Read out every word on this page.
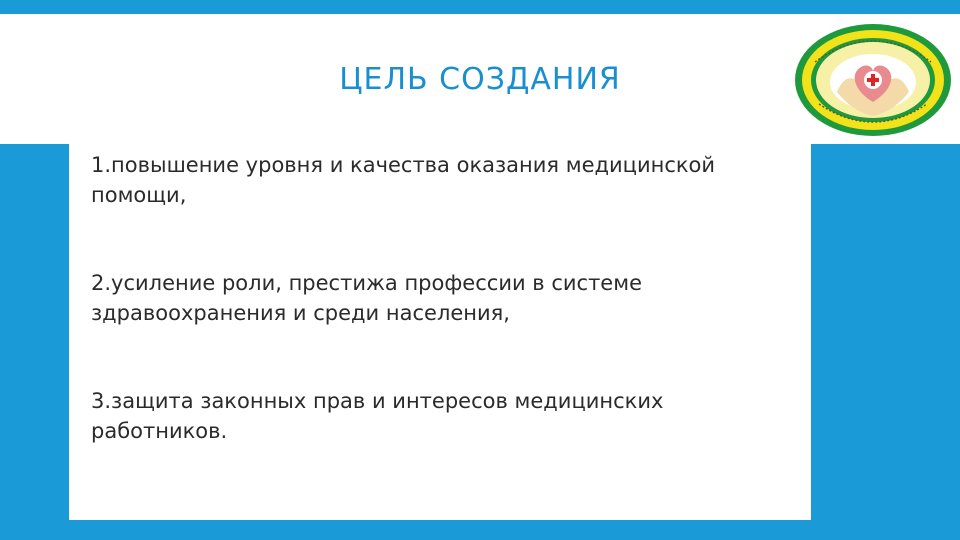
ЦЕЛЬ СОЗДАНИЯ
1.повышение уровня и качества оказания медицинской помощи,
2.усиление роли, престижа профессии в системе здравоохранения и среди населения,
3.защита законных прав и интересов медицинских работников.
